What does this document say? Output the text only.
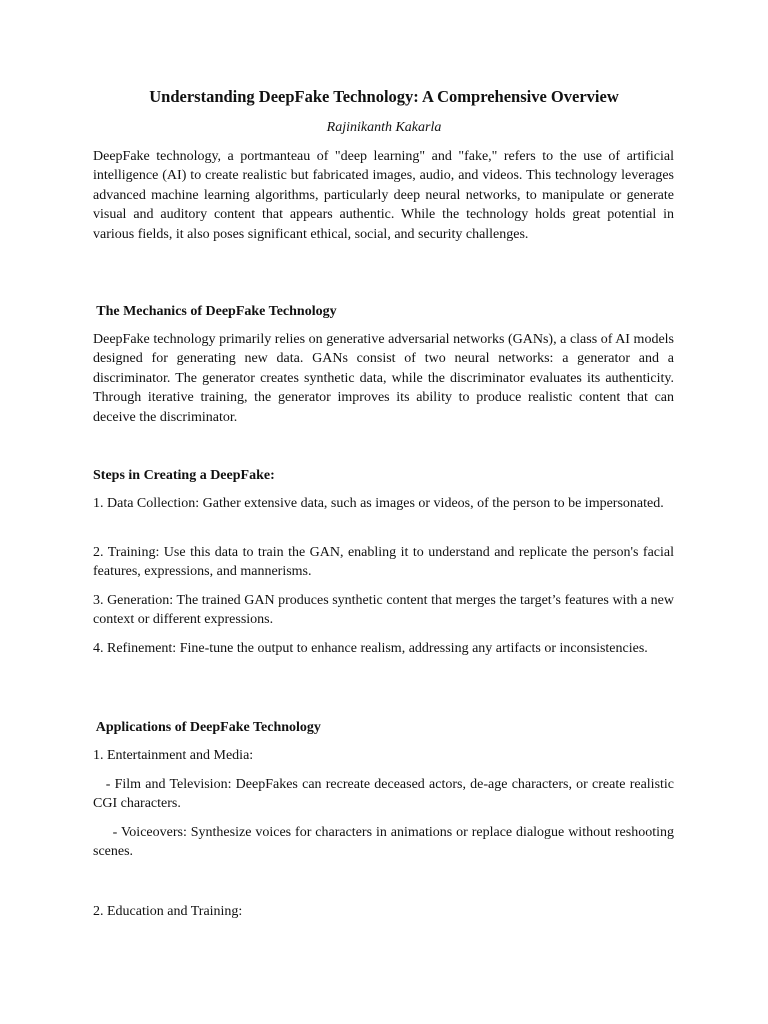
Understanding DeepFake Technology: A Comprehensive Overview

Rajinikanth Kakarla

DeepFake technology, a portmanteau of "deep learning" and "fake," refers to the use of artificial intelligence (AI) to create realistic but fabricated images, audio, and videos. This technology leverages advanced machine learning algorithms, particularly deep neural networks, to manipulate or generate visual and auditory content that appears authentic. While the technology holds great potential in various fields, it also poses significant ethical, social, and security challenges.

The Mechanics of DeepFake Technology

DeepFake technology primarily relies on generative adversarial networks (GANs), a class of AI models designed for generating new data. GANs consist of two neural networks: a generator and a discriminator. The generator creates synthetic data, while the discriminator evaluates its authenticity. Through iterative training, the generator improves its ability to produce realistic content that can deceive the discriminator.

Steps in Creating a DeepFake:

1. Data Collection: Gather extensive data, such as images or videos, of the person to be impersonated.

2. Training: Use this data to train the GAN, enabling it to understand and replicate the person's facial features, expressions, and mannerisms.

3. Generation: The trained GAN produces synthetic content that merges the target’s features with a new context or different expressions.

4. Refinement: Fine-tune the output to enhance realism, addressing any artifacts or inconsistencies.

Applications of DeepFake Technology

1. Entertainment and Media:

- Film and Television: DeepFakes can recreate deceased actors, de-age characters, or create realistic CGI characters.

- Voiceovers: Synthesize voices for characters in animations or replace dialogue without reshooting scenes.

2. Education and Training:
